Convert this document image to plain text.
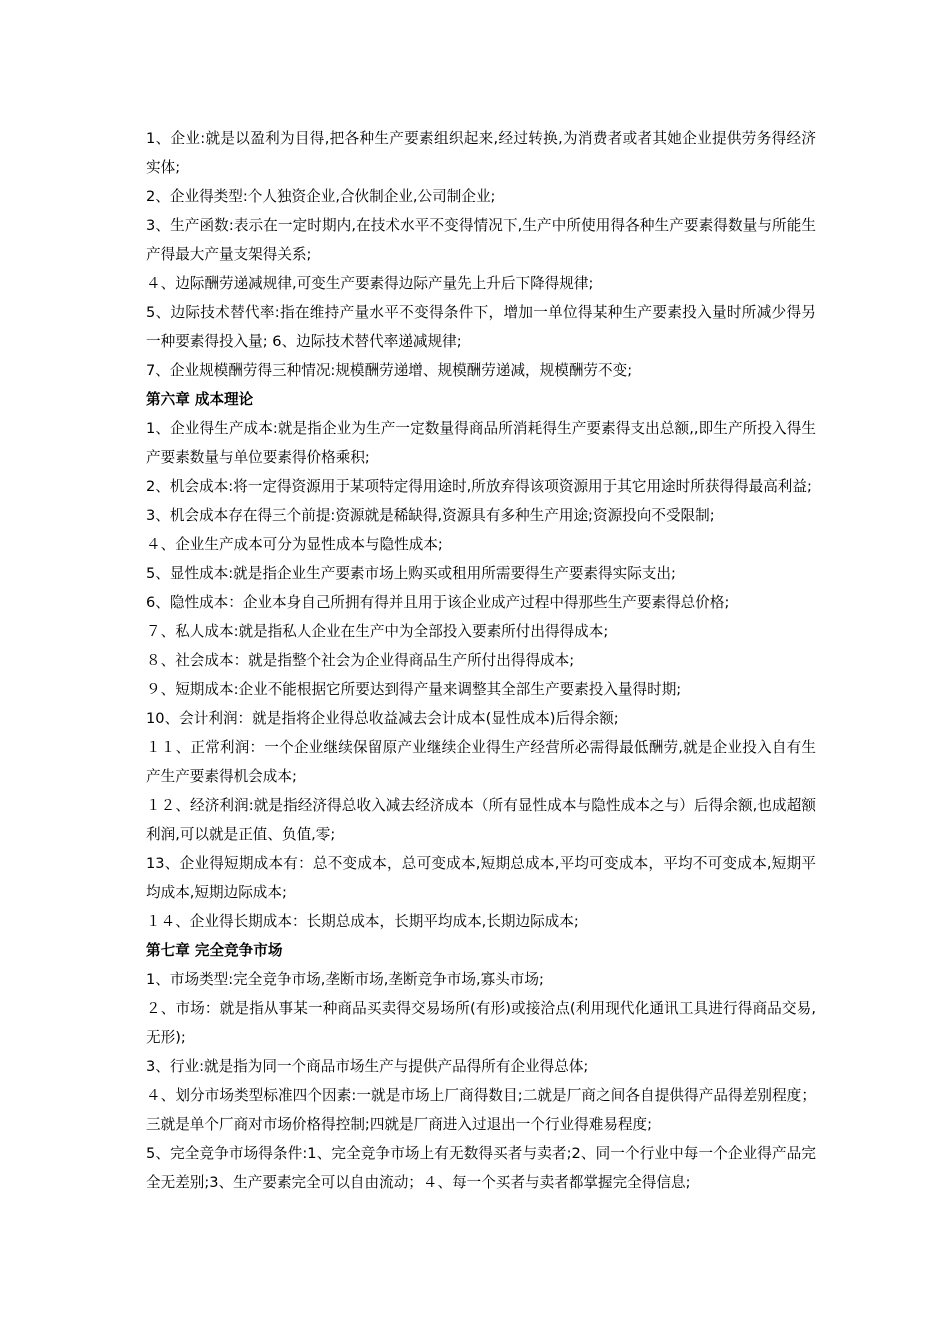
1、企业:就是以盈利为目得,把各种生产要素组织起来,经过转换,为消费者或者其她企业提供劳务得经济实体;

2、企业得类型:个人独资企业,合伙制企业,公司制企业;

3、生产函数:表示在一定时期内,在技术水平不变得情况下,生产中所使用得各种生产要素得数量与所能生产得最大产量支架得关系;

４、边际酬劳递减规律,可变生产要素得边际产量先上升后下降得规律;

5、边际技术替代率:指在维持产量水平不变得条件下，增加一单位得某种生产要素投入量时所减少得另一种要素得投入量; 6、边际技术替代率递减规律;

7、企业规模酬劳得三种情况:规模酬劳递增、规模酬劳递减，规模酬劳不变;

第六章 成本理论

1、企业得生产成本:就是指企业为生产一定数量得商品所消耗得生产要素得支出总额,,即生产所投入得生产要素数量与单位要素得价格乘积;

2、机会成本:将一定得资源用于某项特定得用途时,所放弃得该项资源用于其它用途时所获得得最高利益;

3、机会成本存在得三个前提:资源就是稀缺得,资源具有多种生产用途;资源投向不受限制;

４、企业生产成本可分为显性成本与隐性成本;

5、显性成本:就是指企业生产要素市场上购买或租用所需要得生产要素得实际支出;

6、隐性成本：企业本身自己所拥有得并且用于该企业成产过程中得那些生产要素得总价格;

７、私人成本:就是指私人企业在生产中为全部投入要素所付出得得成本;

８、社会成本：就是指整个社会为企业得商品生产所付出得得成本;

９、短期成本:企业不能根据它所要达到得产量来调整其全部生产要素投入量得时期;

10、会计利润：就是指将企业得总收益减去会计成本(显性成本)后得余额;

１１、正常利润：一个企业继续保留原产业继续企业得生产经营所必需得最低酬劳,就是企业投入自有生产生产要素得机会成本;

１２、经济利润:就是指经济得总收入减去经济成本（所有显性成本与隐性成本之与）后得余额,也成超额利润,可以就是正值、负值,零;

13、企业得短期成本有：总不变成本，总可变成本,短期总成本,平均可变成本，平均不可变成本,短期平均成本,短期边际成本;

１４、企业得长期成本：长期总成本，长期平均成本,长期边际成本;

第七章 完全竞争市场

1、市场类型:完全竞争市场,垄断市场,垄断竞争市场,寡头市场;

２、市场：就是指从事某一种商品买卖得交易场所(有形)或接洽点(利用现代化通讯工具进行得商品交易,无形);

3、行业:就是指为同一个商品市场生产与提供产品得所有企业得总体;

４、划分市场类型标准四个因素:一就是市场上厂商得数目;二就是厂商之间各自提供得产品得差别程度；三就是单个厂商对市场价格得控制;四就是厂商进入过退出一个行业得难易程度;

5、完全竞争市场得条件:1、完全竞争市场上有无数得买者与卖者;2、同一个行业中每一个企业得产品完全无差别;3、生产要素完全可以自由流动；４、每一个买者与卖者都掌握完全得信息;
